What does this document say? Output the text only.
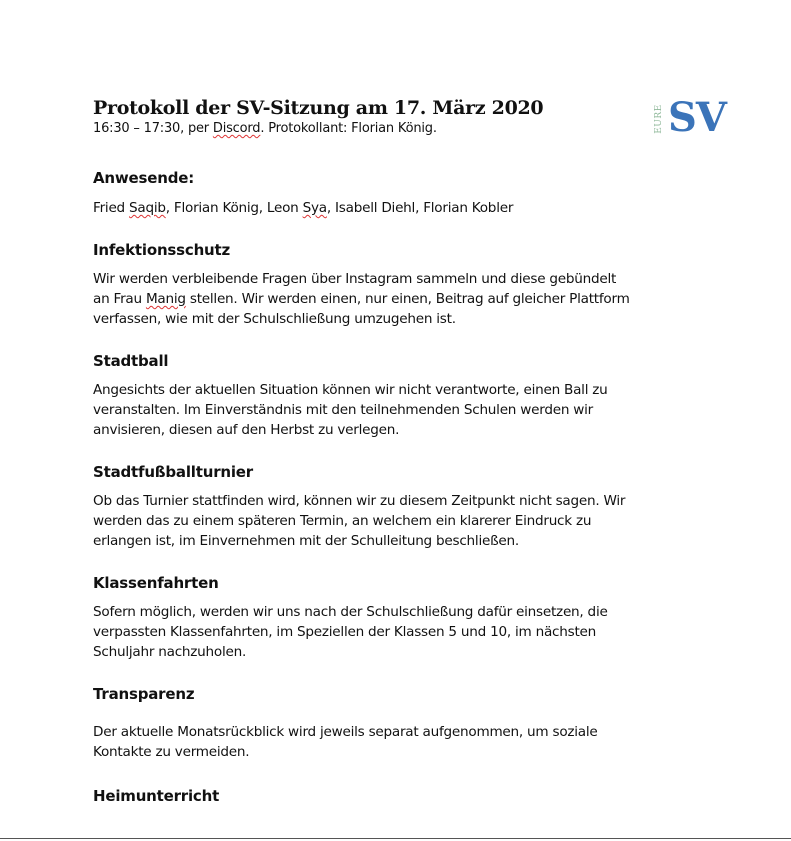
Protokoll der SV-Sitzung am 17. März 2020
16:30 – 17:30, per Discord. Protokollant: Florian König.
Anwesende:

Fried Saqib, Florian König, Leon Sya, Isabell Diehl, Florian Kobler

Infektionsschutz

Wir werden verbleibende Fragen über Instagram sammeln und diese gebündelt
an Frau Manig stellen. Wir werden einen, nur einen, Beitrag auf gleicher Plattform
verfassen, wie mit der Schulschließung umzugehen ist.

Stadtball

Angesichts der aktuellen Situation können wir nicht verantworte, einen Ball zu
veranstalten. Im Einverständnis mit den teilnehmenden Schulen werden wir
anvisieren, diesen auf den Herbst zu verlegen.

Stadtfußballturnier

Ob das Turnier stattfinden wird, können wir zu diesem Zeitpunkt nicht sagen. Wir
werden das zu einem späteren Termin, an welchem ein klarerer Eindruck zu
erlangen ist, im Einvernehmen mit der Schulleitung beschließen.

Klassenfahrten

Sofern möglich, werden wir uns nach der Schulschließung dafür einsetzen, die
verpassten Klassenfahrten, im Speziellen der Klassen 5 und 10, im nächsten
Schuljahr nachzuholen.

Transparenz

Der aktuelle Monatsrückblick wird jeweils separat aufgenommen, um soziale
Kontakte zu vermeiden.

Heimunterricht
EURE SV
